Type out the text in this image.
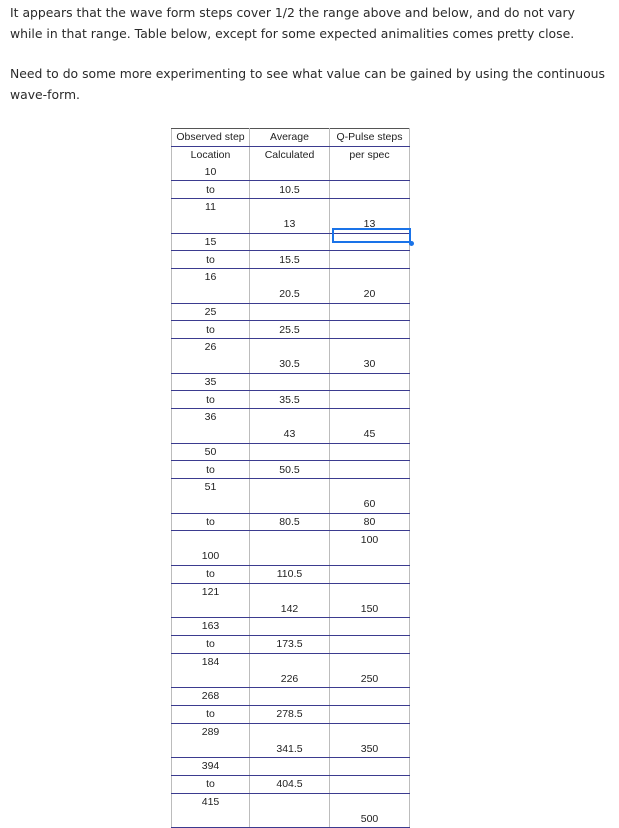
It appears that the wave form steps cover 1/2 the range above and below, and do not vary while in that range. Table below, except for some expected animalities comes pretty close.

Need to do some more experimenting to see what value can be gained by using the continuous wave-form.

Observed step	Average	Q-Pulse steps
Location	Calculated	per spec
10		
to	10.5	
11		
	13	13
15		
to	15.5	
16		
	20.5	20
25		
to	25.5	
26		
	30.5	30
35		
to	35.5	
36		
	43	45
50		
to	50.5	
51		
		60
to	80.5	80
		100
100		
to	110.5	
121		
	142	150
163		
to	173.5	
184		
	226	250
268		
to	278.5	
289		
	341.5	350
394		
to	404.5	
415		
		500
